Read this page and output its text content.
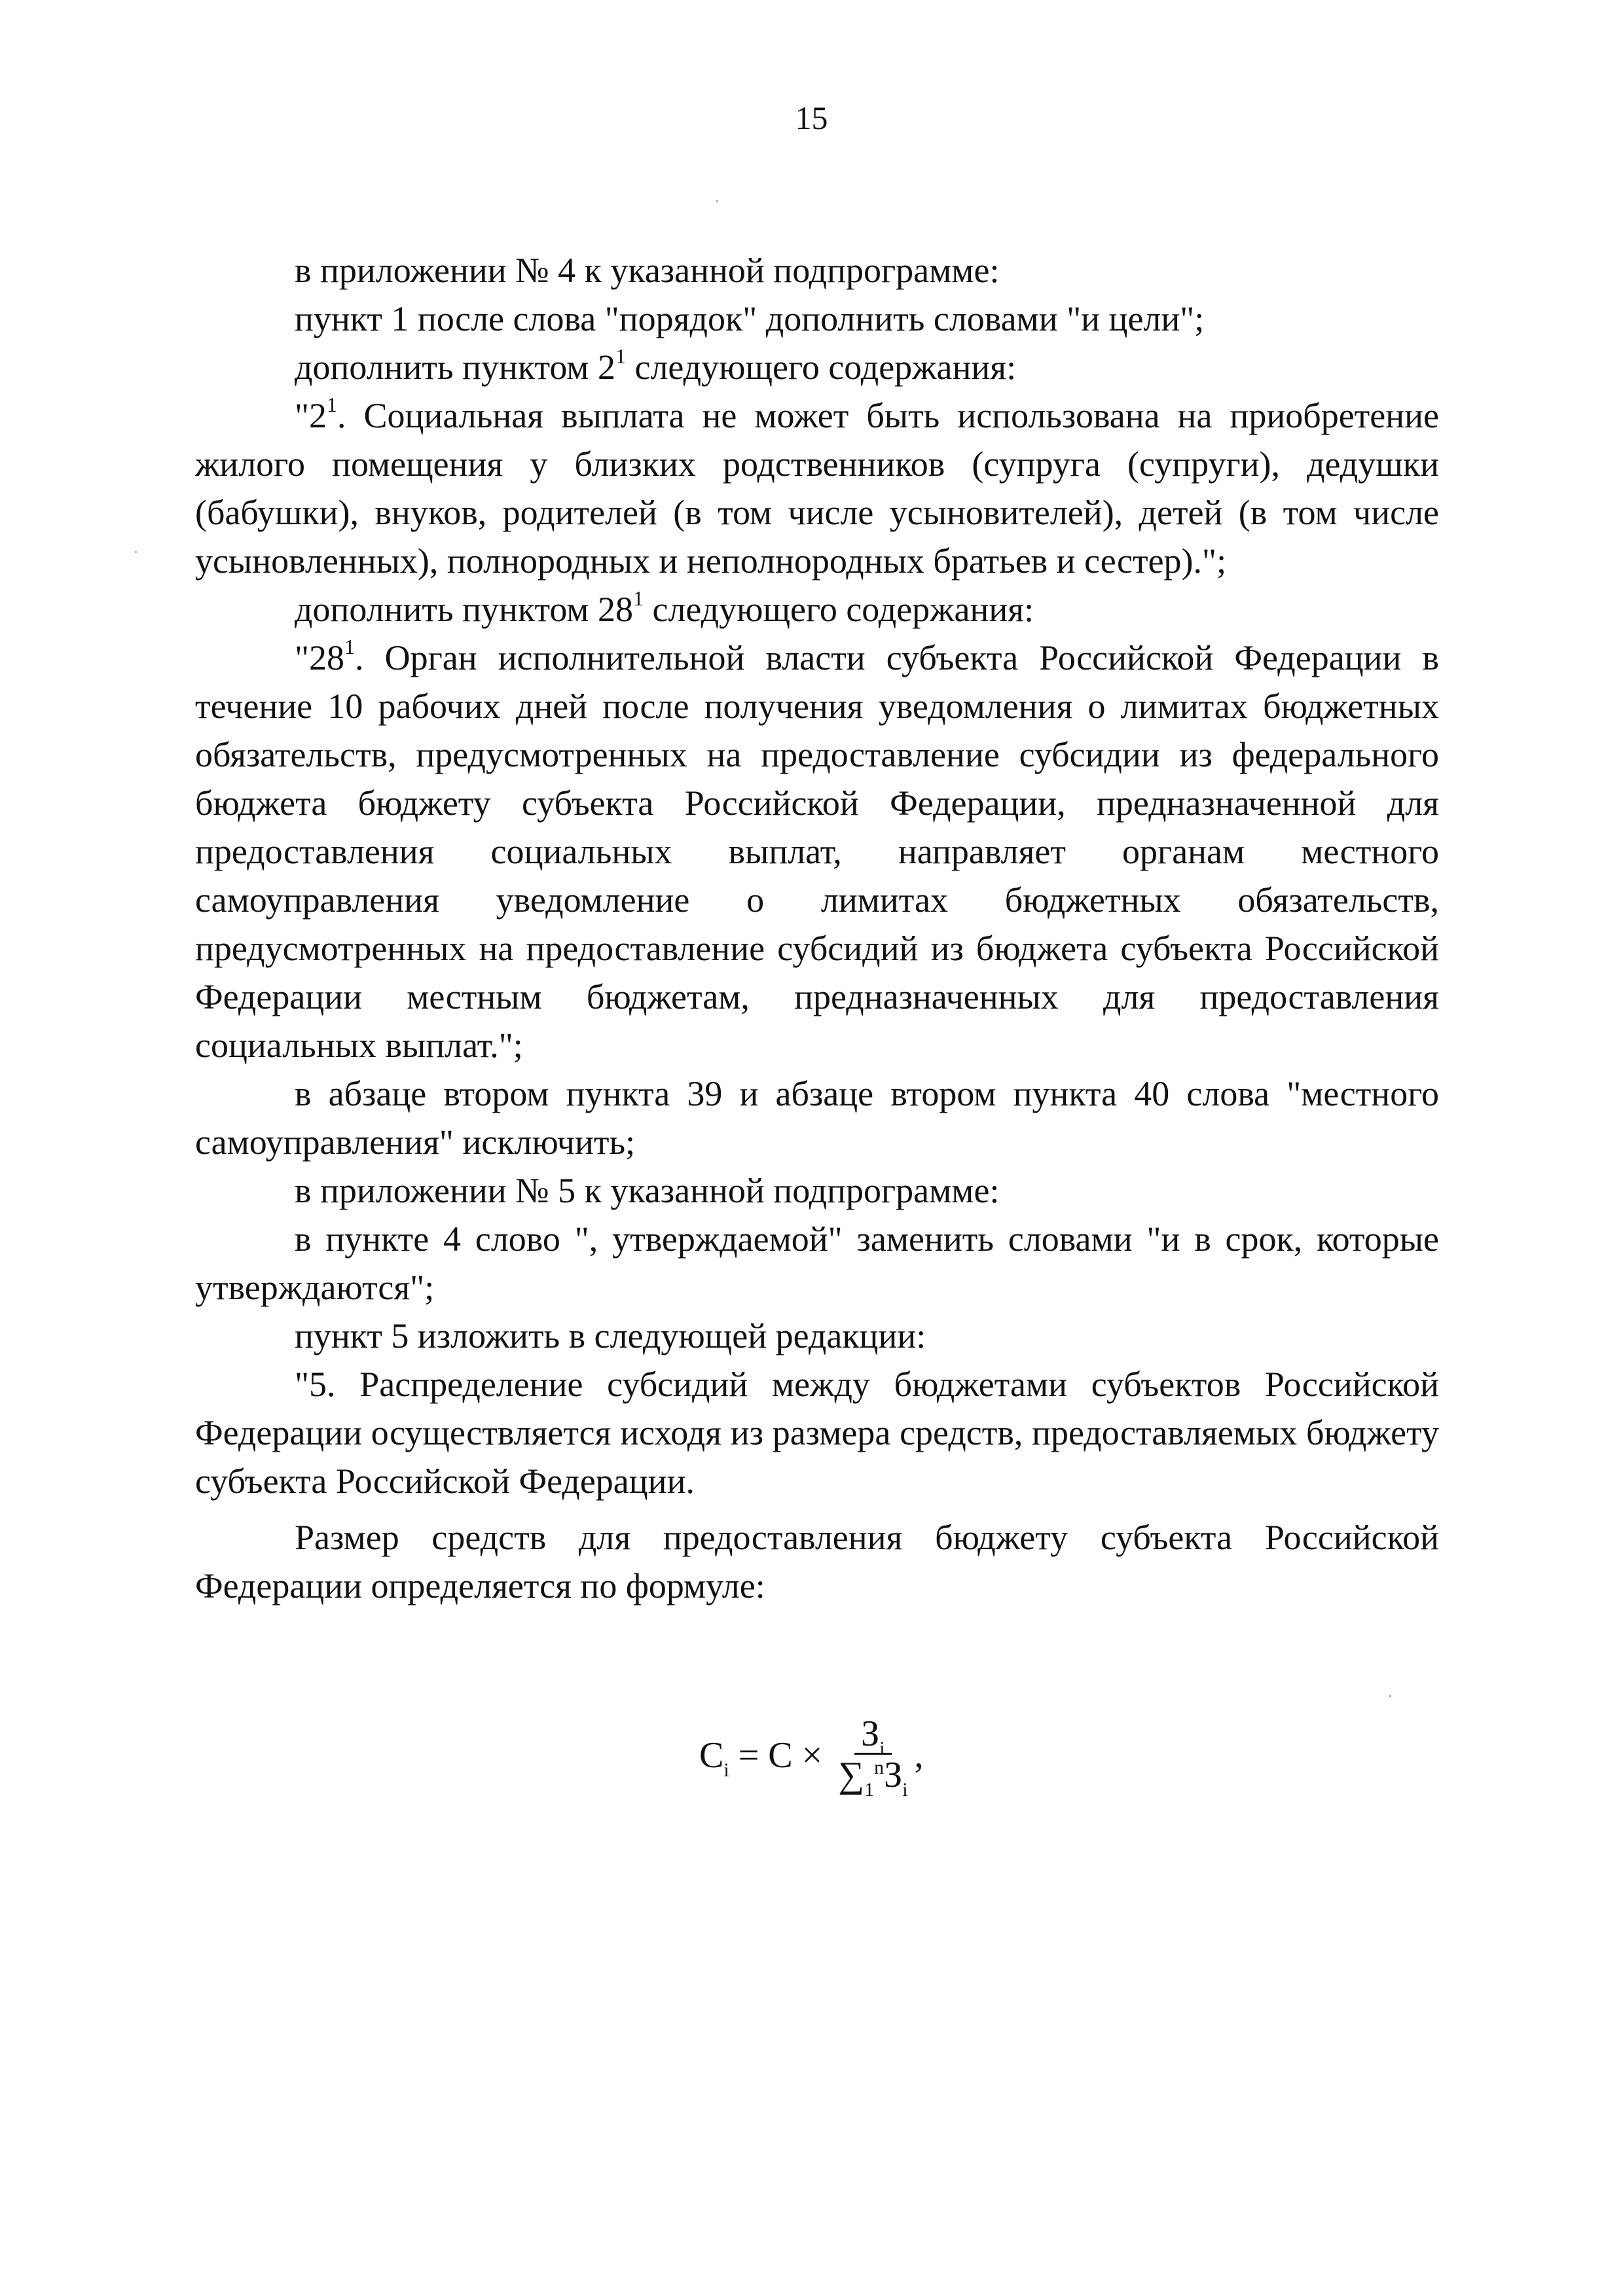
15

в приложении № 4 к указанной подпрограмме:

пункт 1 после слова "порядок" дополнить словами "и цели";

дополнить пунктом $2^1$ следующего содержания:

"$2^1$. Социальная выплата не может быть использована на приобретение жилого помещения у близких родственников (супруга (супруги), дедушки (бабушки), внуков, родителей (в том числе усыновителей), детей (в том числе усыновленных), полнородных и неполнородных братьев и сестер).";

дополнить пунктом $28^1$ следующего содержания:

"$28^1$. Орган исполнительной власти субъекта Российской Федерации в течение 10 рабочих дней после получения уведомления о лимитах бюджетных обязательств, предусмотренных на предоставление субсидии из федерального бюджета бюджету субъекта Российской Федерации, предназначенной для предоставления социальных выплат, направляет органам местного самоуправления уведомление о лимитах бюджетных обязательств, предусмотренных на предоставление субсидий из бюджета субъекта Российской Федерации местным бюджетам, предназначенных для предоставления социальных выплат.";

в абзаце втором пункта 39 и абзаце втором пункта 40 слова "местного самоуправления" исключить;

в приложении № 5 к указанной подпрограмме:

в пункте 4 слово ", утверждаемой" заменить словами "и в срок, которые утверждаются";

пункт 5 изложить в следующей редакции:

"5. Распределение субсидий между бюджетами субъектов Российской Федерации осуществляется исходя из размера средств, предоставляемых бюджету субъекта Российской Федерации.

Размер средств для предоставления бюджету субъекта Российской Федерации определяется по формуле:

$C_i = C \times \frac{З_i}{\sum_1^nЗ_i}$ ,
